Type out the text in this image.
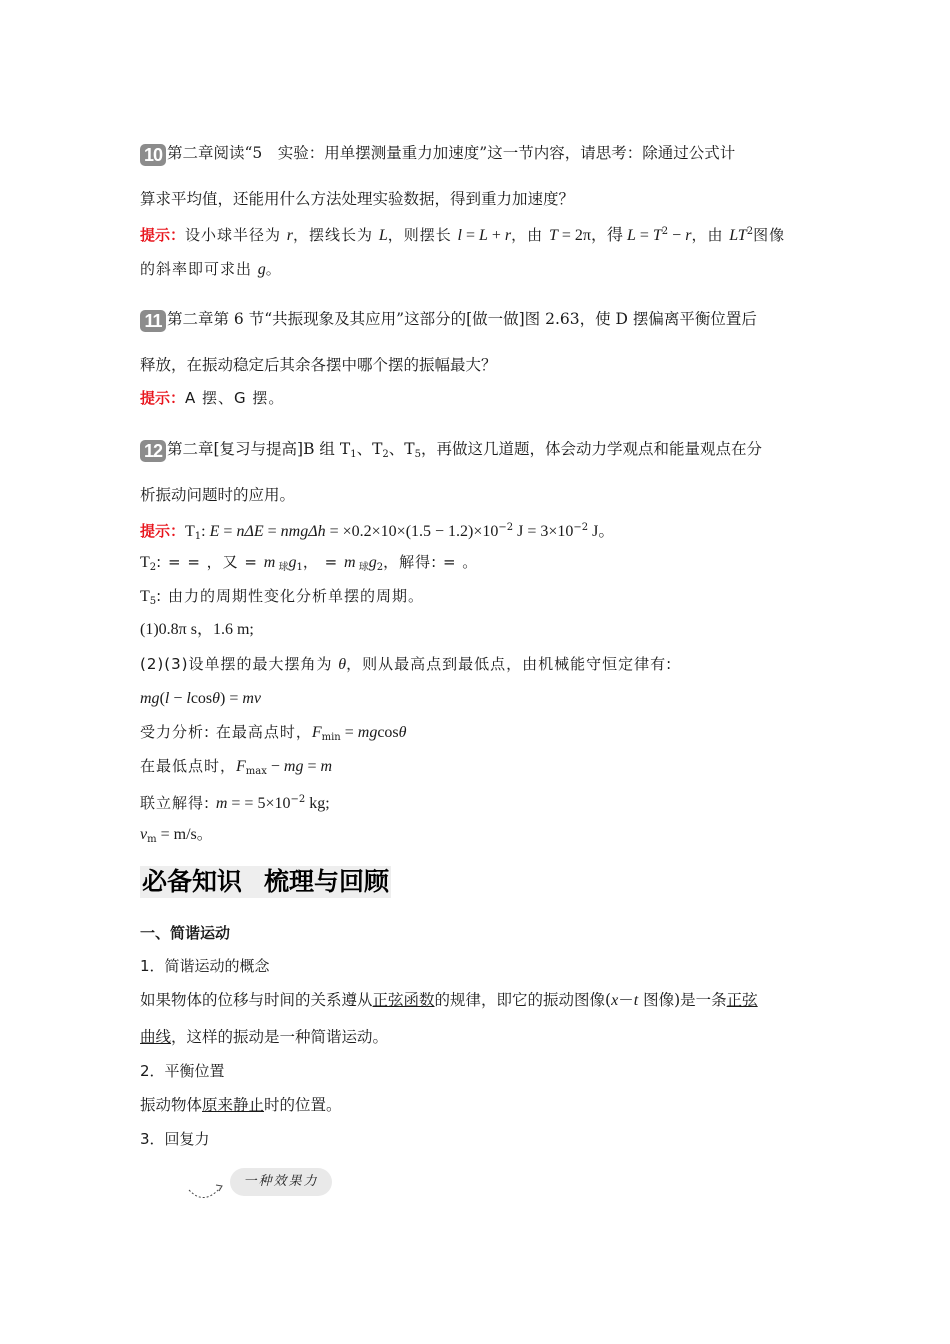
10 第二章阅读“5　实验：用单摆测量重力加速度”这一节内容，请思考：除通过公式计
算求平均值，还能用什么方法处理实验数据，得到重力加速度？
提示：设小球半径为 r，摆线长为 L，则摆长 l = L + r，由 T = 2π，得 $L = T^2 - r$，由 $LT^2$图像
的斜率即可求出 g。
11 第二章第 6 节“共振现象及其应用”这部分的[做一做]图 2.63，使 D 摆偏离平衡位置后
释放，在振动稳定后其余各摆中哪个摆的振幅最大？
提示：A 摆、G 摆。
12 第二章[复习与提高]B 组 $T_1$、$T_2$、$T_5$，再做这几道题，体会动力学观点和能量观点在分
析振动问题时的应用。
提示：$T_1$: $E = n\Delta E = nmg\Delta h = \times 0.2\times 10\times(1.5 - 1.2)\times 10^{-2}$ $J = 3\times 10^{-2}$ J。
$T_2$: = = ，又 = m $_球g_1$， = m $_球g_2$，解得: = 。
$T_5$: 由力的周期性变化分析单摆的周期。
(1)0.8π s，1.6 m;
(2)(3)设单摆的最大摆角为 θ，则从最高点到最低点，由机械能守恒定律有:
mg(l − lcosθ) = mv
受力分析: 在最高点时，$F_{min} = mgcos\theta$
在最低点时，$F_{max}$ − mg = m
联立解得: m = = $5\times 10^{-2}$ kg;
$v_m = m/s$。
必备知识 梳理与回顾
一、简谐运动
1．简谐运动的概念
如果物体的位移与时间的关系遵从正弦函数的规律，即它的振动图像(x－t 图像)是一条正弦
曲线，这样的振动是一种简谐运动。
2．平衡位置
振动物体原来静止时的位置。
3．回复力
一种效果力
